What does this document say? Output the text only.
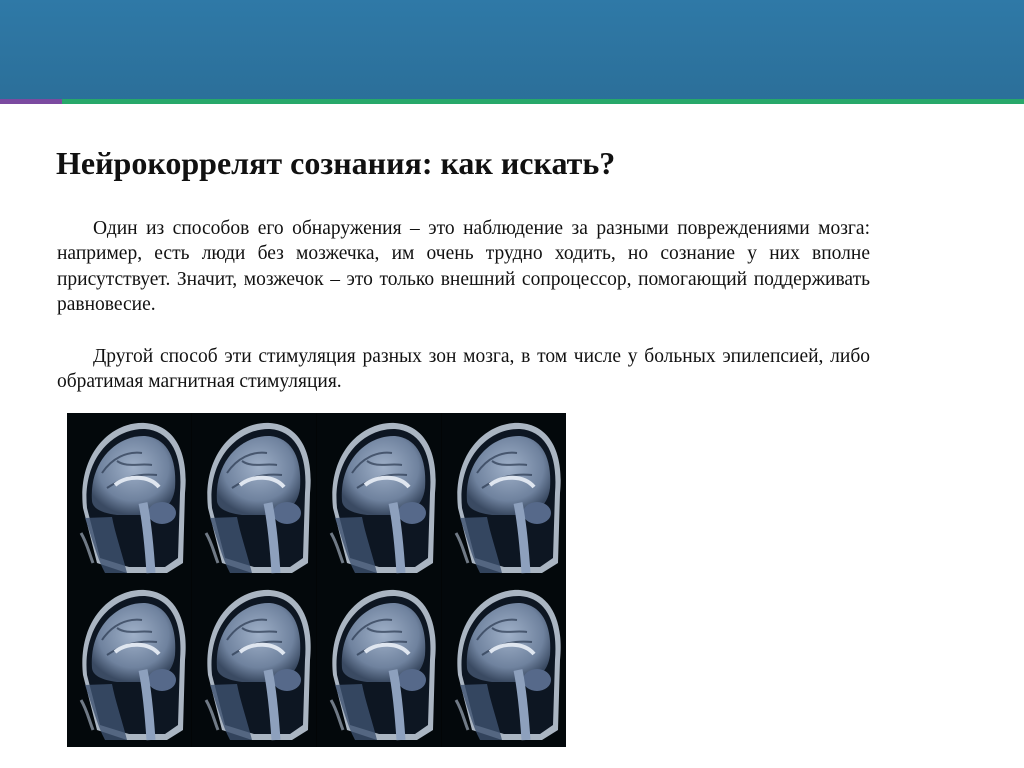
Нейрокоррелят сознания: как искать?

Один из способов его обнаружения – это наблюдение за разными повреждениями мозга: например, есть люди без мозжечка, им очень трудно ходить, но сознание у них вполне присутствует. Значит, мозжечок – это только внешний сопроцессор, помогающий поддерживать равновесие.

Другой способ эти стимуляция разных зон мозга, в том числе у больных эпилепсией, либо обратимая магнитная стимуляция.
